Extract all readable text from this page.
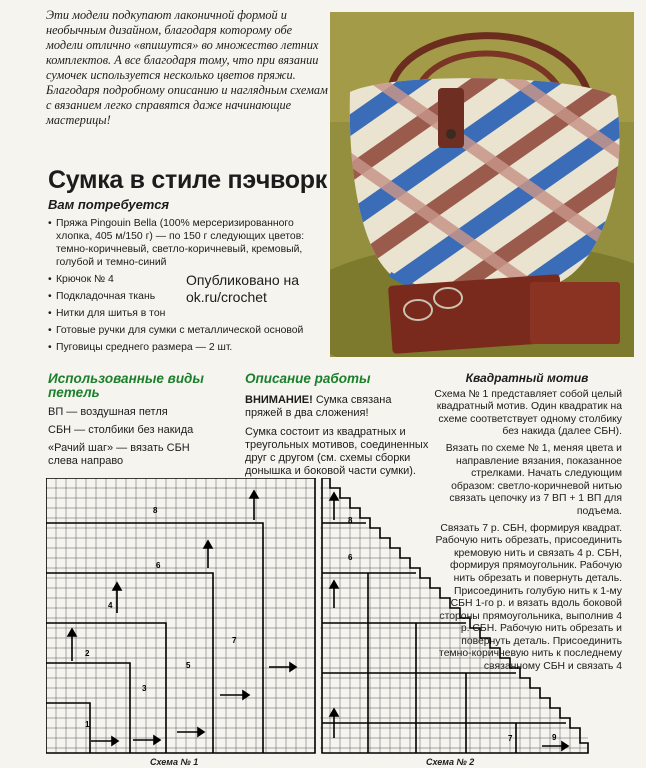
Эти модели подкупают лаконичной формой и необычным дизайном, благодаря которому обе модели отлично «впишутся» во множество летних комплектов. А все благодаря тому, что при вязании сумочек используется несколько цветов пряжи. Благодаря подробному описанию и наглядным схемам с вязанием легко справятся даже начинающие мастерицы!

Сумка в стиле пэчворк
Вам потребуется
• Пряжа Pingouin Bella (100% мерсеризированного хлопка, 405 м/150 г) — по 150 г следующих цветов: темно-коричневый, светло-коричневый, кремовый, голубой и темно-синий
• Крючок № 4
• Подкладочная ткань
• Нитки для шитья в тон
• Готовые ручки для сумки с металлической основой
• Пуговицы среднего размера — 2 шт.
Опубликовано на
ok.ru/crochet
Использованные виды петель

ВП — воздушная петля

СБН — столбики без накида

«Рачий шаг» — вязать СБН слева направо

Описание работы

ВНИМАНИЕ! Сумка связана пряжей в два сложения!

Сумка состоит из квадратных и треугольных мотивов, соединенных друг с другом (см. схемы сборки донышка и боковой части сумки).

Квадратный мотив

Схема № 1 представляет собой целый квадратный мотив. Один квадратик на схеме соответствует одному столбику без накида (далее СБН).

Вязать по схеме № 1, меняя цвета и направление вязания, показанное стрелками. Начать следующим образом: светло-коричневой нитью связать цепочку из 7 ВП + 1 ВП для подъема.

Связать 7 р. СБН, формируя квадрат. Рабочую нить обрезать, присоединить кремовую нить и связать 4 р. СБН, формируя прямоугольник. Рабочую нить обрезать и повернуть деталь. Присоединить голубую нить к 1-му СБН 1-го р. и вязать вдоль боковой стороны прямоугольника, выполнив 4 р. СБН. Рабочую нить обрезать и повернуть деталь. Присоединить темно-коричневую нить к последнему связанному СБН и связать 4

1
2
3
4
5
6
7
8
8
6
7	9
Схема № 1	Схема № 2
